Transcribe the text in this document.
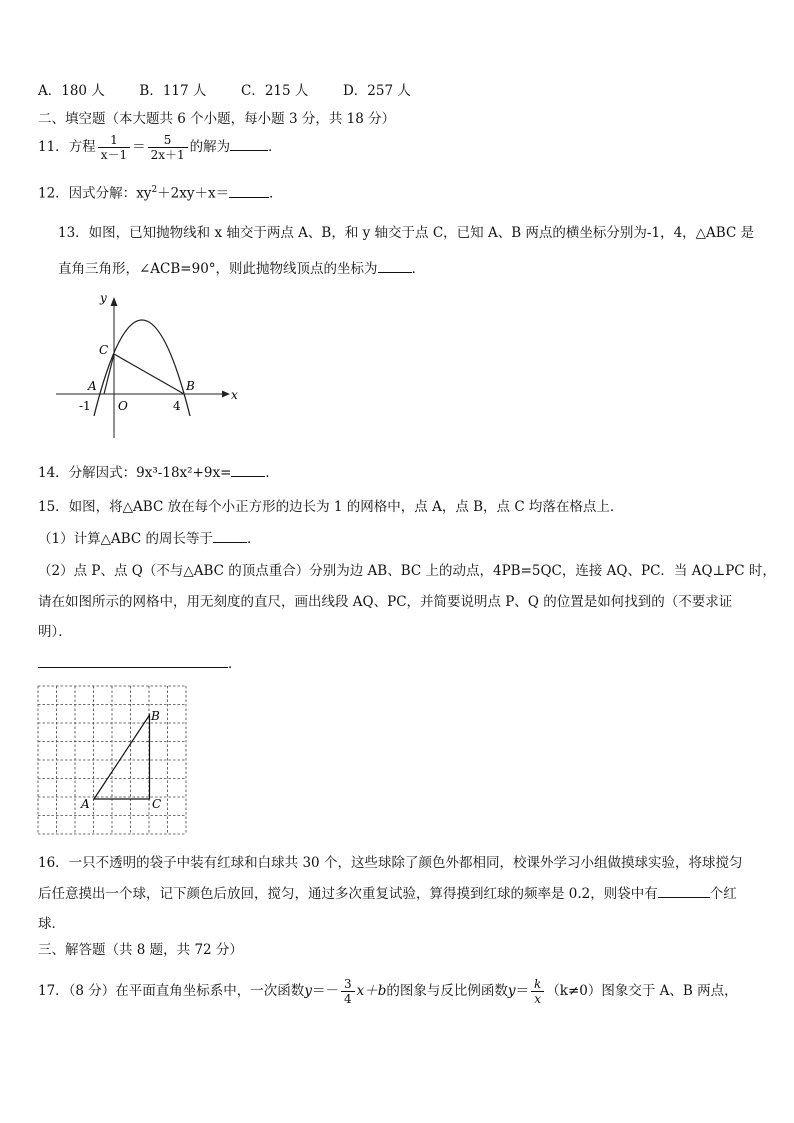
A．180 人	B．117 人	C．215 人	D．257 人
二、填空题（本大题共 6 个小题，每小题 3 分，共 18 分）
11．方程 $\frac{1}{x-1} = \frac{5}{2x+1}$ 的解为	．
12．因式分解：$xy^2+2xy+x=$	．
13．如图，已知抛物线和 x 轴交于两点 A、B，和 y 轴交于点 C，已知 A、B 两点的横坐标分别为-1，4，△ABC 是
直角三角形，∠ACB=90°，则此抛物线顶点的坐标为	．
y
x
C
A	B
O
-1	4
14．分解因式：9x³-18x²+9x=	．
15．如图，将△ABC 放在每个小正方形的边长为 1 的网格中，点 A，点 B，点 C 均落在格点上．
（1）计算△ABC 的周长等于	．
（2）点 P、点 Q（不与△ABC 的顶点重合）分别为边 AB、BC 上的动点，4PB=5QC，连接 AQ、PC．当 AQ⊥PC 时，
请在如图所示的网格中，用无刻度的直尺，画出线段 AQ、PC，并简要说明点 P、Q 的位置是如何找到的（不要求证
明）．
．
A
B
C
16．一只不透明的袋子中装有红球和白球共 30 个，这些球除了颜色外都相同，校课外学习小组做摸球实验，将球搅匀
后任意摸出一个球，记下颜色后放回，搅匀，通过多次重复试验，算得摸到红球的频率是 0.2，则袋中有	个红
球．
三、解答题（共 8 题，共 72 分）
17．（8 分）在平面直角坐标系中，一次函数$y=- \frac{3}{4} x+b$的图象与反比例函数$y= \frac{k}{x} (k\ne 0)$图象交于 A、B 两点，
